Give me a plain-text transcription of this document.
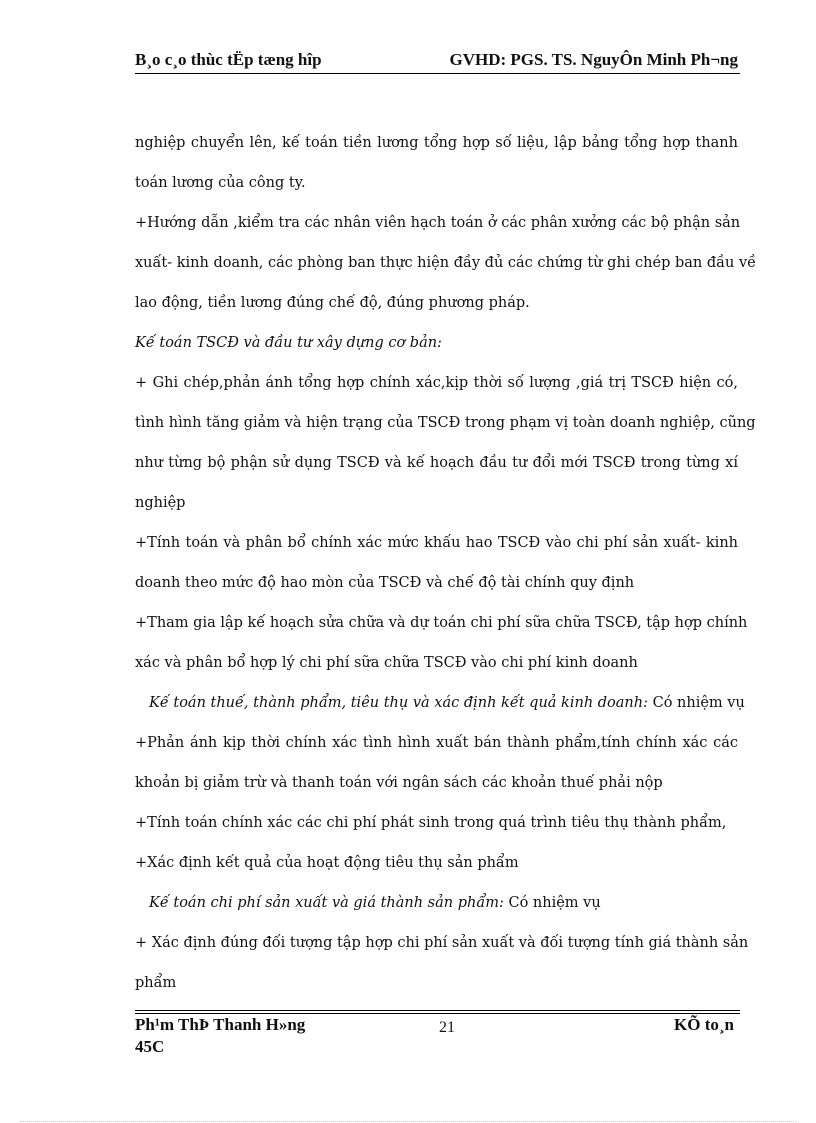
B¸o c¸o thùc tËp tæng hîp	GVHD: PGS. TS. NguyÔn Minh Ph¬ng
nghiệp chuyển lên, kế toán tiền lương tổng hợp số liệu, lập bảng tổng hợp thanh
toán lương của công ty.
+Hướng dẫn ,kiểm tra các nhân viên hạch toán ở các phân xưởng các bộ phận sản
xuất- kinh doanh, các phòng ban thực hiện đầy đủ các chứng từ ghi chép ban đầu về
lao động, tiền lương đúng chế độ, đúng phương pháp.
Kế toán TSCĐ và đầu tư xây dựng cơ bản:
+ Ghi chép,phản ánh tổng hợp chính xác,kịp thời số lượng ,giá trị TSCĐ hiện có,
tình hình tăng giảm và hiện trạng của TSCĐ trong phạm vị toàn doanh nghiệp, cũng
như từng bộ phận sử dụng TSCĐ và kế hoạch đầu tư đổi mới TSCĐ trong từng xí
nghiệp
+Tính toán và phân bổ chính xác mức khấu hao TSCĐ vào chi phí sản xuất- kinh
doanh theo mức độ hao mòn của TSCĐ và chế độ tài chính quy định
+Tham gia lập kế hoạch sửa chữa và dự toán chi phí sữa chữa TSCĐ, tập hợp chính
xác và phân bổ hợp lý chi phí sữa chữa TSCĐ vào chi phí kinh doanh
Kế toán thuế, thành phẩm, tiêu thụ và xác định kết quả kinh doanh: Có nhiệm vụ
+Phản ánh kịp thời chính xác tình hình xuất bán thành phẩm,tính chính xác các
khoản bị giảm trừ và thanh toán với ngân sách các khoản thuế phải nộp
+Tính toán chính xác các chi phí phát sinh trong quá trình tiêu thụ thành phẩm,
+Xác định kết quả của hoạt động tiêu thụ sản phẩm
Kế toán chi phí sản xuất và giá thành sản phẩm: Có nhiệm vụ
+ Xác định đúng đối tượng tập hợp chi phí sản xuất và đối tượng tính giá thành sản
phẩm
Ph¹m ThÞ Thanh H»ng
45C
21	KÕ to¸n
